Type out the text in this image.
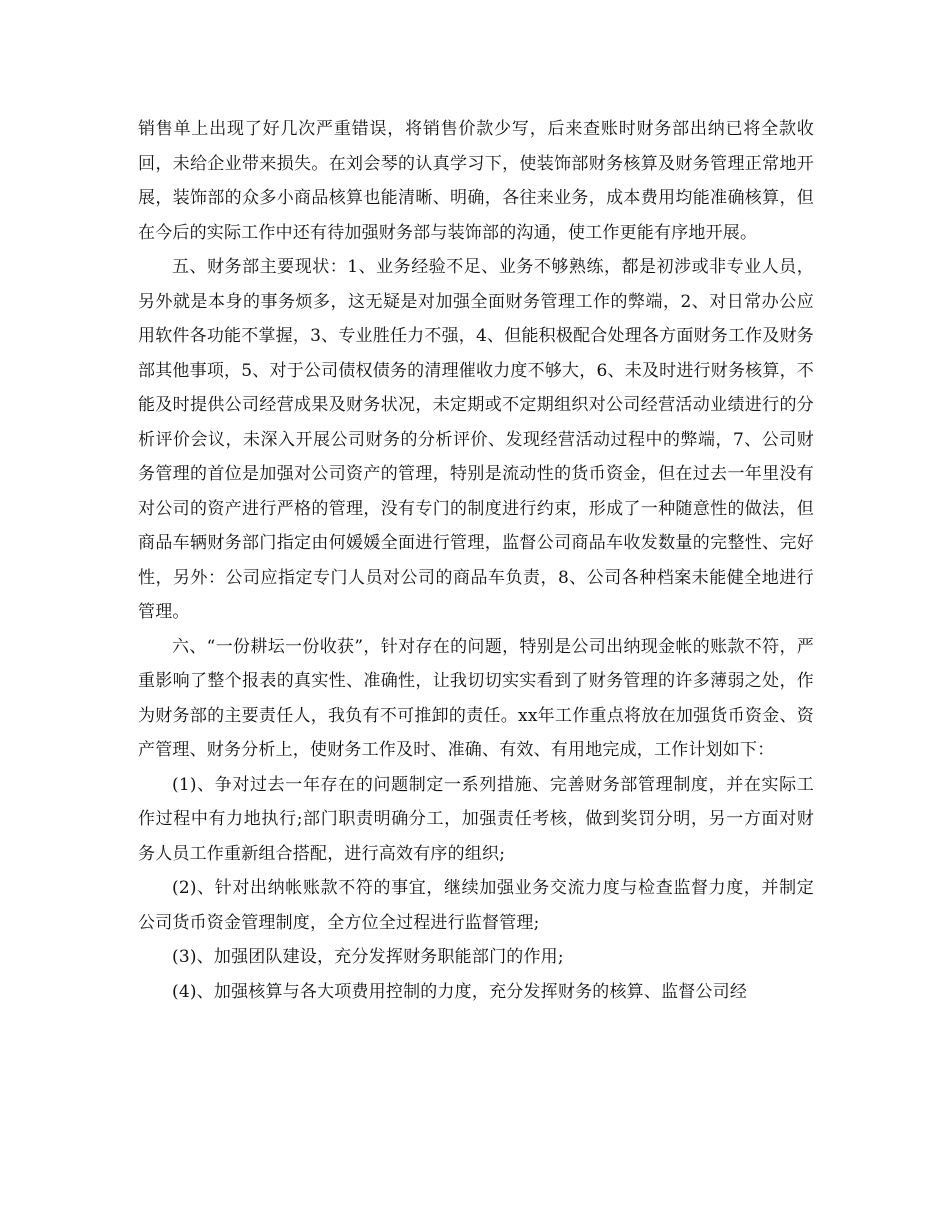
销售单上出现了好几次严重错误，将销售价款少写，后来查账时财务部出纳已将全款收回，未给企业带来损失。在刘会琴的认真学习下，使装饰部财务核算及财务管理正常地开展，装饰部的众多小商品核算也能清晰、明确，各往来业务，成本费用均能准确核算，但在今后的实际工作中还有待加强财务部与装饰部的沟通，使工作更能有序地开展。

五、财务部主要现状：1、业务经验不足、业务不够熟练，都是初涉或非专业人员，另外就是本身的事务烦多，这无疑是对加强全面财务管理工作的弊端，2、对日常办公应用软件各功能不掌握，3、专业胜任力不强，4、但能积极配合处理各方面财务工作及财务部其他事项，5、对于公司债权债务的清理催收力度不够大，6、未及时进行财务核算，不能及时提供公司经营成果及财务状况，未定期或不定期组织对公司经营活动业绩进行的分析评价会议，未深入开展公司财务的分析评价、发现经营活动过程中的弊端，7、公司财务管理的首位是加强对公司资产的管理，特别是流动性的货币资金，但在过去一年里没有对公司的资产进行严格的管理，没有专门的制度进行约束，形成了一种随意性的做法，但商品车辆财务部门指定由何媛媛全面进行管理，监督公司商品车收发数量的完整性、完好性，另外：公司应指定专门人员对公司的商品车负责，8、公司各种档案未能健全地进行管理。

六、“一份耕坛一份收获”，针对存在的问题，特别是公司出纳现金帐的账款不符，严重影响了整个报表的真实性、准确性，让我切切实实看到了财务管理的许多薄弱之处，作为财务部的主要责任人，我负有不可推卸的责任。xx年工作重点将放在加强货币资金、资产管理、财务分析上，使财务工作及时、准确、有效、有用地完成，工作计划如下：

(1)、争对过去一年存在的问题制定一系列措施、完善财务部管理制度，并在实际工作过程中有力地执行;部门职责明确分工，加强责任考核，做到奖罚分明，另一方面对财务人员工作重新组合搭配，进行高效有序的组织;

(2)、针对出纳帐账款不符的事宜，继续加强业务交流力度与检查监督力度，并制定公司货币资金管理制度，全方位全过程进行监督管理;

(3)、加强团队建设，充分发挥财务职能部门的作用;

(4)、加强核算与各大项费用控制的力度，充分发挥财务的核算、监督公司经
